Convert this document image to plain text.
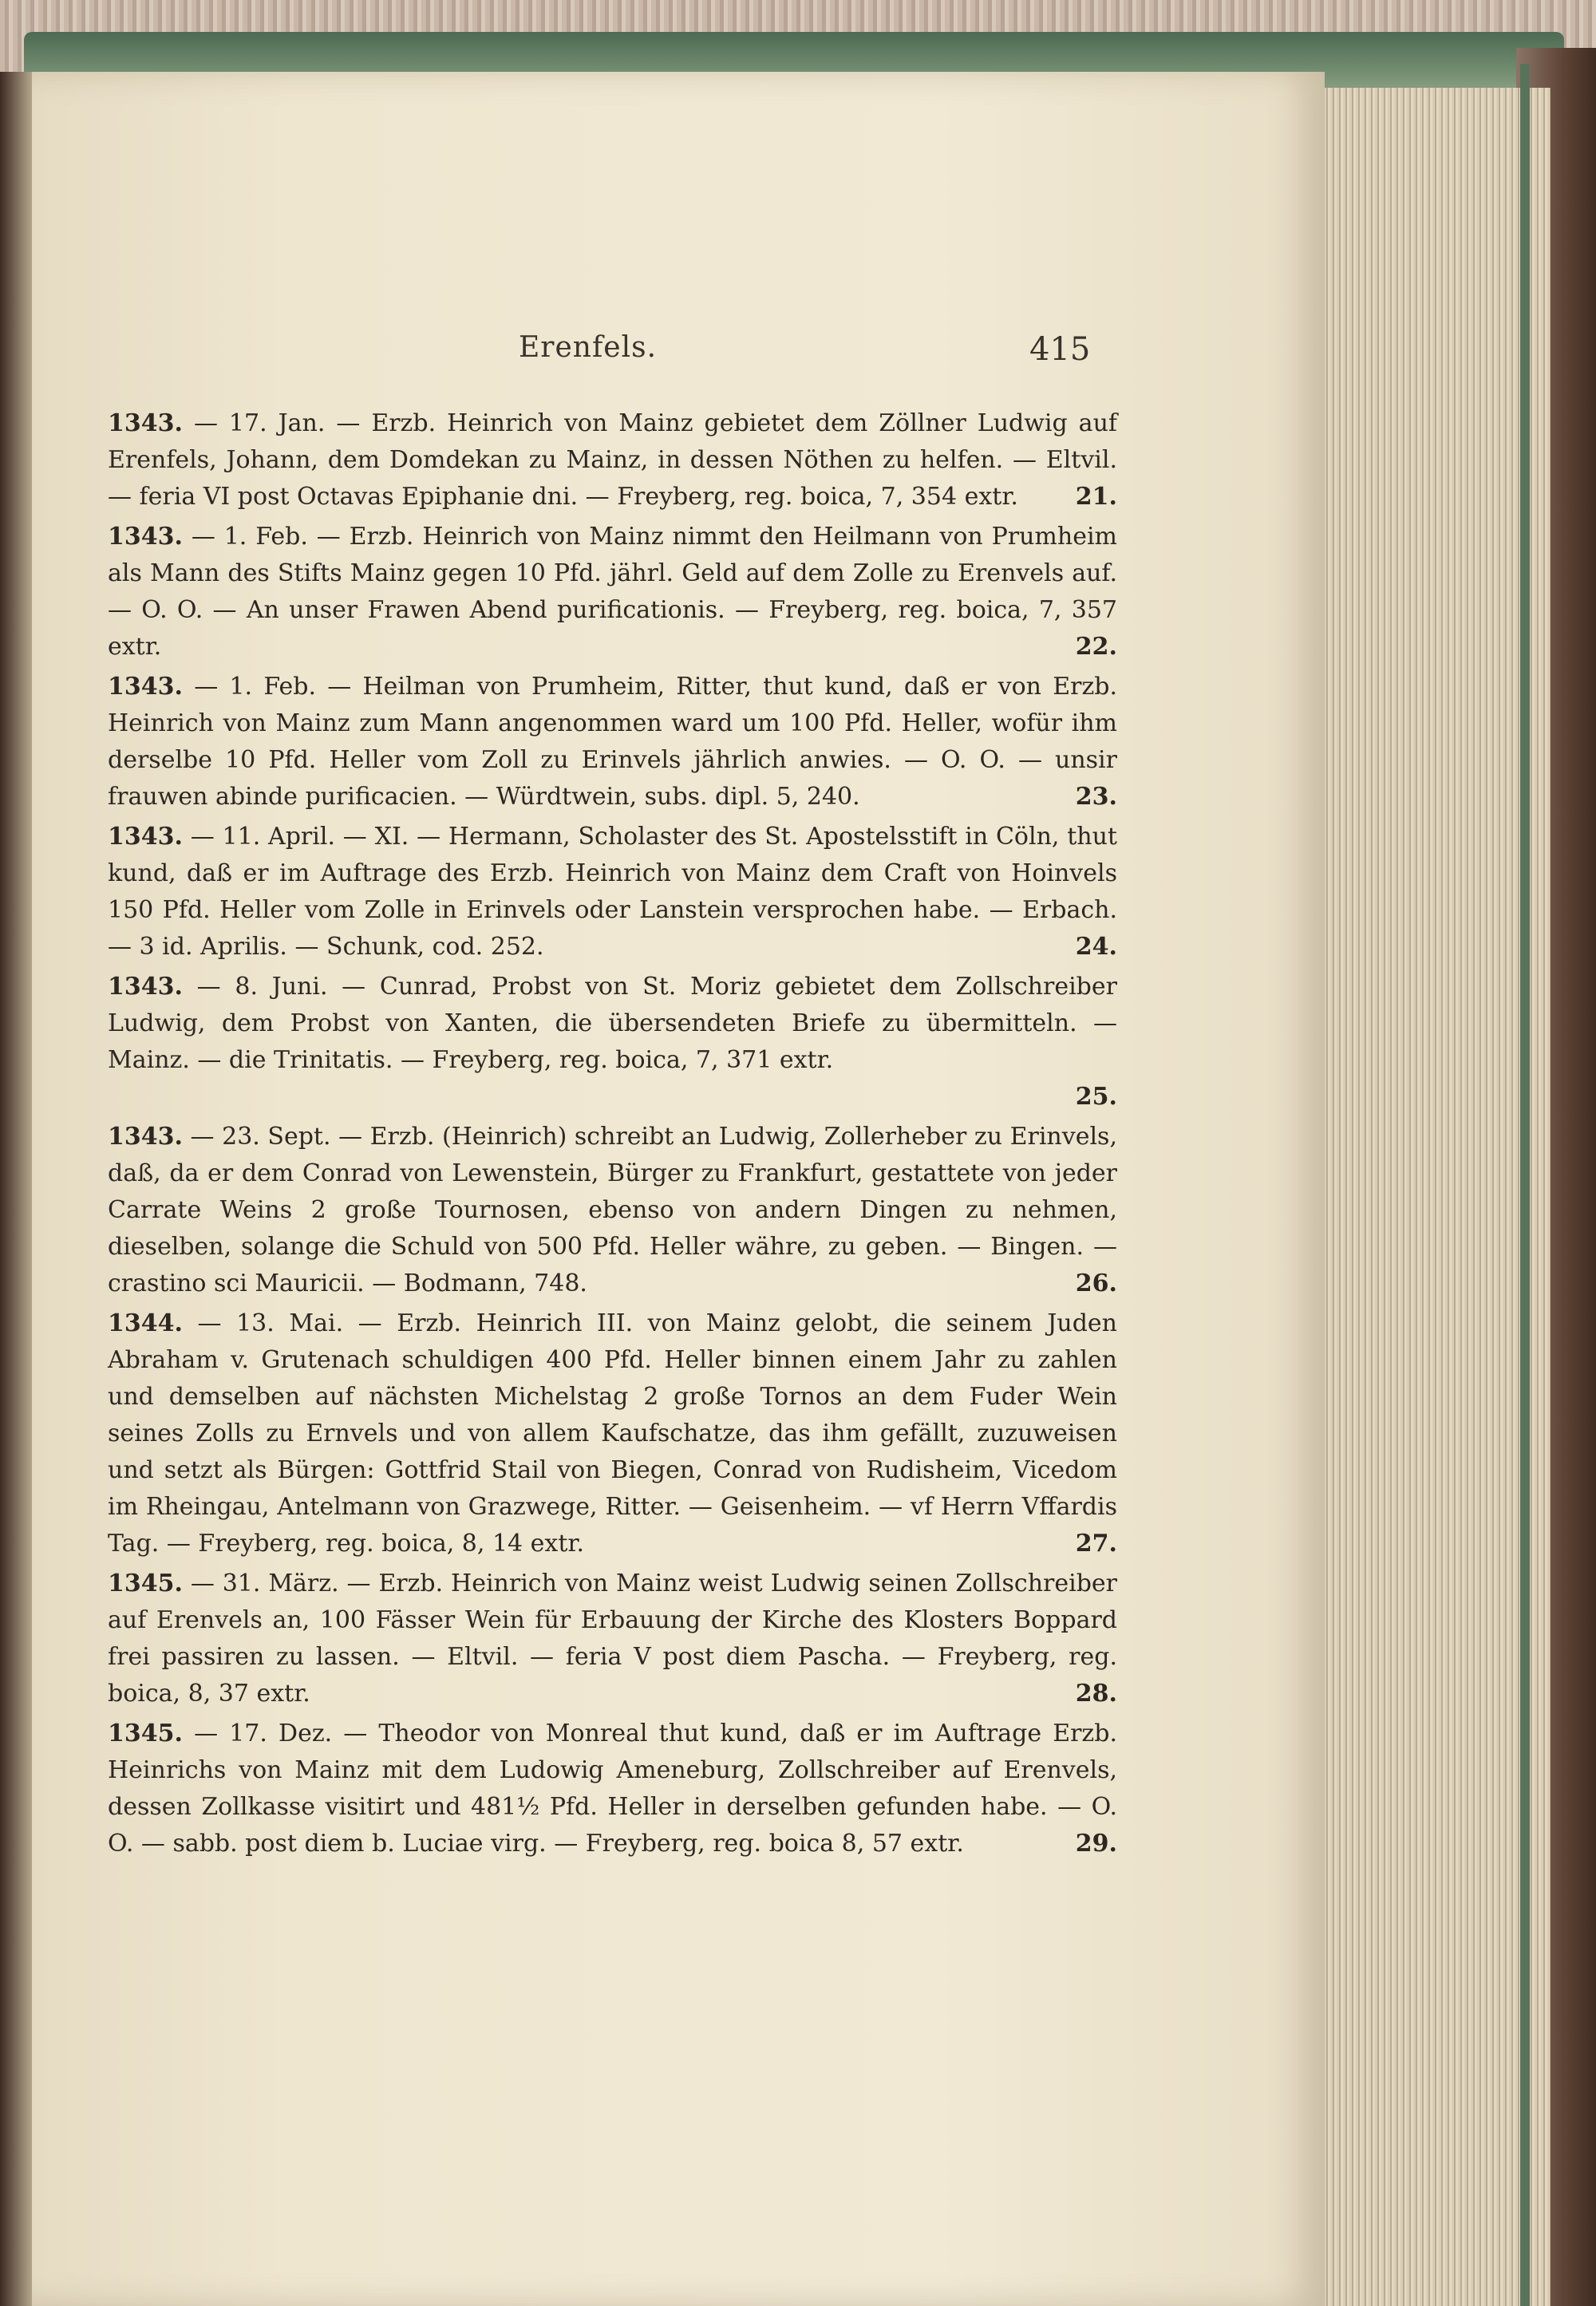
Erenfels.	415
1343. — 17. Jan. — Erzb. Heinrich von Mainz gebietet dem Zöllner Ludwig auf Erenfels, Johann, dem Domdekan zu Mainz, in dessen Nöthen zu helfen. — Eltvil. — feria VI post Octavas Epiphanie dni. — Freyberg, reg. boica, 7, 354 extr.	21.
1343. — 1. Feb. — Erzb. Heinrich von Mainz nimmt den Heilmann von Prumheim als Mann des Stifts Mainz gegen 10 Pfd. jährl. Geld auf dem Zolle zu Erenvels auf. — O. O. — An unser Frawen Abend purificationis. — Freyberg, reg. boica, 7, 357 extr.	22.
1343. — 1. Feb. — Heilman von Prumheim, Ritter, thut kund, daß er von Erzb. Heinrich von Mainz zum Mann angenommen ward um 100 Pfd. Heller, wofür ihm derselbe 10 Pfd. Heller vom Zoll zu Erinvels jährlich anwies. — O. O. — unsir frauwen abinde purificacien. — Würdtwein, subs. dipl. 5, 240.	23.
1343. — 11. April. — XI. — Hermann, Scholaster des St. Apostelsstift in Cöln, thut kund, daß er im Auftrage des Erzb. Heinrich von Mainz dem Craft von Hoinvels 150 Pfd. Heller vom Zolle in Erinvels oder Lanstein versprochen habe. — Erbach. — 3 id. Aprilis. — Schunk, cod. 252.	24.
1343. — 8. Juni. — Cunrad, Probst von St. Moriz gebietet dem Zollschreiber Ludwig, dem Probst von Xanten, die übersendeten Briefe zu übermitteln. — Mainz. — die Trinitatis. — Freyberg, reg. boica, 7, 371 extr.
25.
1343. — 23. Sept. — Erzb. (Heinrich) schreibt an Ludwig, Zollerheber zu Erinvels, daß, da er dem Conrad von Lewenstein, Bürger zu Frankfurt, gestattete von jeder Carrate Weins 2 große Tournosen, ebenso von andern Dingen zu nehmen, dieselben, solange die Schuld von 500 Pfd. Heller währe, zu geben. — Bingen. — crastino sci Mauricii. — Bodmann, 748.	26.
1344. — 13. Mai. — Erzb. Heinrich III. von Mainz gelobt, die seinem Juden Abraham v. Grutenach schuldigen 400 Pfd. Heller binnen einem Jahr zu zahlen und demselben auf nächsten Michelstag 2 große Tornos an dem Fuder Wein seines Zolls zu Ernvels und von allem Kaufschatze, das ihm gefällt, zuzuweisen und setzt als Bürgen: Gottfrid Stail von Biegen, Conrad von Rudisheim, Vicedom im Rheingau, Antelmann von Grazwege, Ritter. — Geisenheim. — vf Herrn Vffardis Tag. — Freyberg, reg. boica, 8, 14 extr.	27.
1345. — 31. März. — Erzb. Heinrich von Mainz weist Ludwig seinen Zollschreiber auf Erenvels an, 100 Fässer Wein für Erbauung der Kirche des Klosters Boppard frei passiren zu lassen. — Eltvil. — feria V post diem Pascha. — Freyberg, reg. boica, 8, 37 extr.	28.
1345. — 17. Dez. — Theodor von Monreal thut kund, daß er im Auftrage Erzb. Heinrichs von Mainz mit dem Ludowig Ameneburg, Zollschreiber auf Erenvels, dessen Zollkasse visitirt und 481½ Pfd. Heller in derselben gefunden habe. — O. O. — sabb. post diem b. Luciae virg. — Freyberg, reg. boica 8, 57 extr.	29.
